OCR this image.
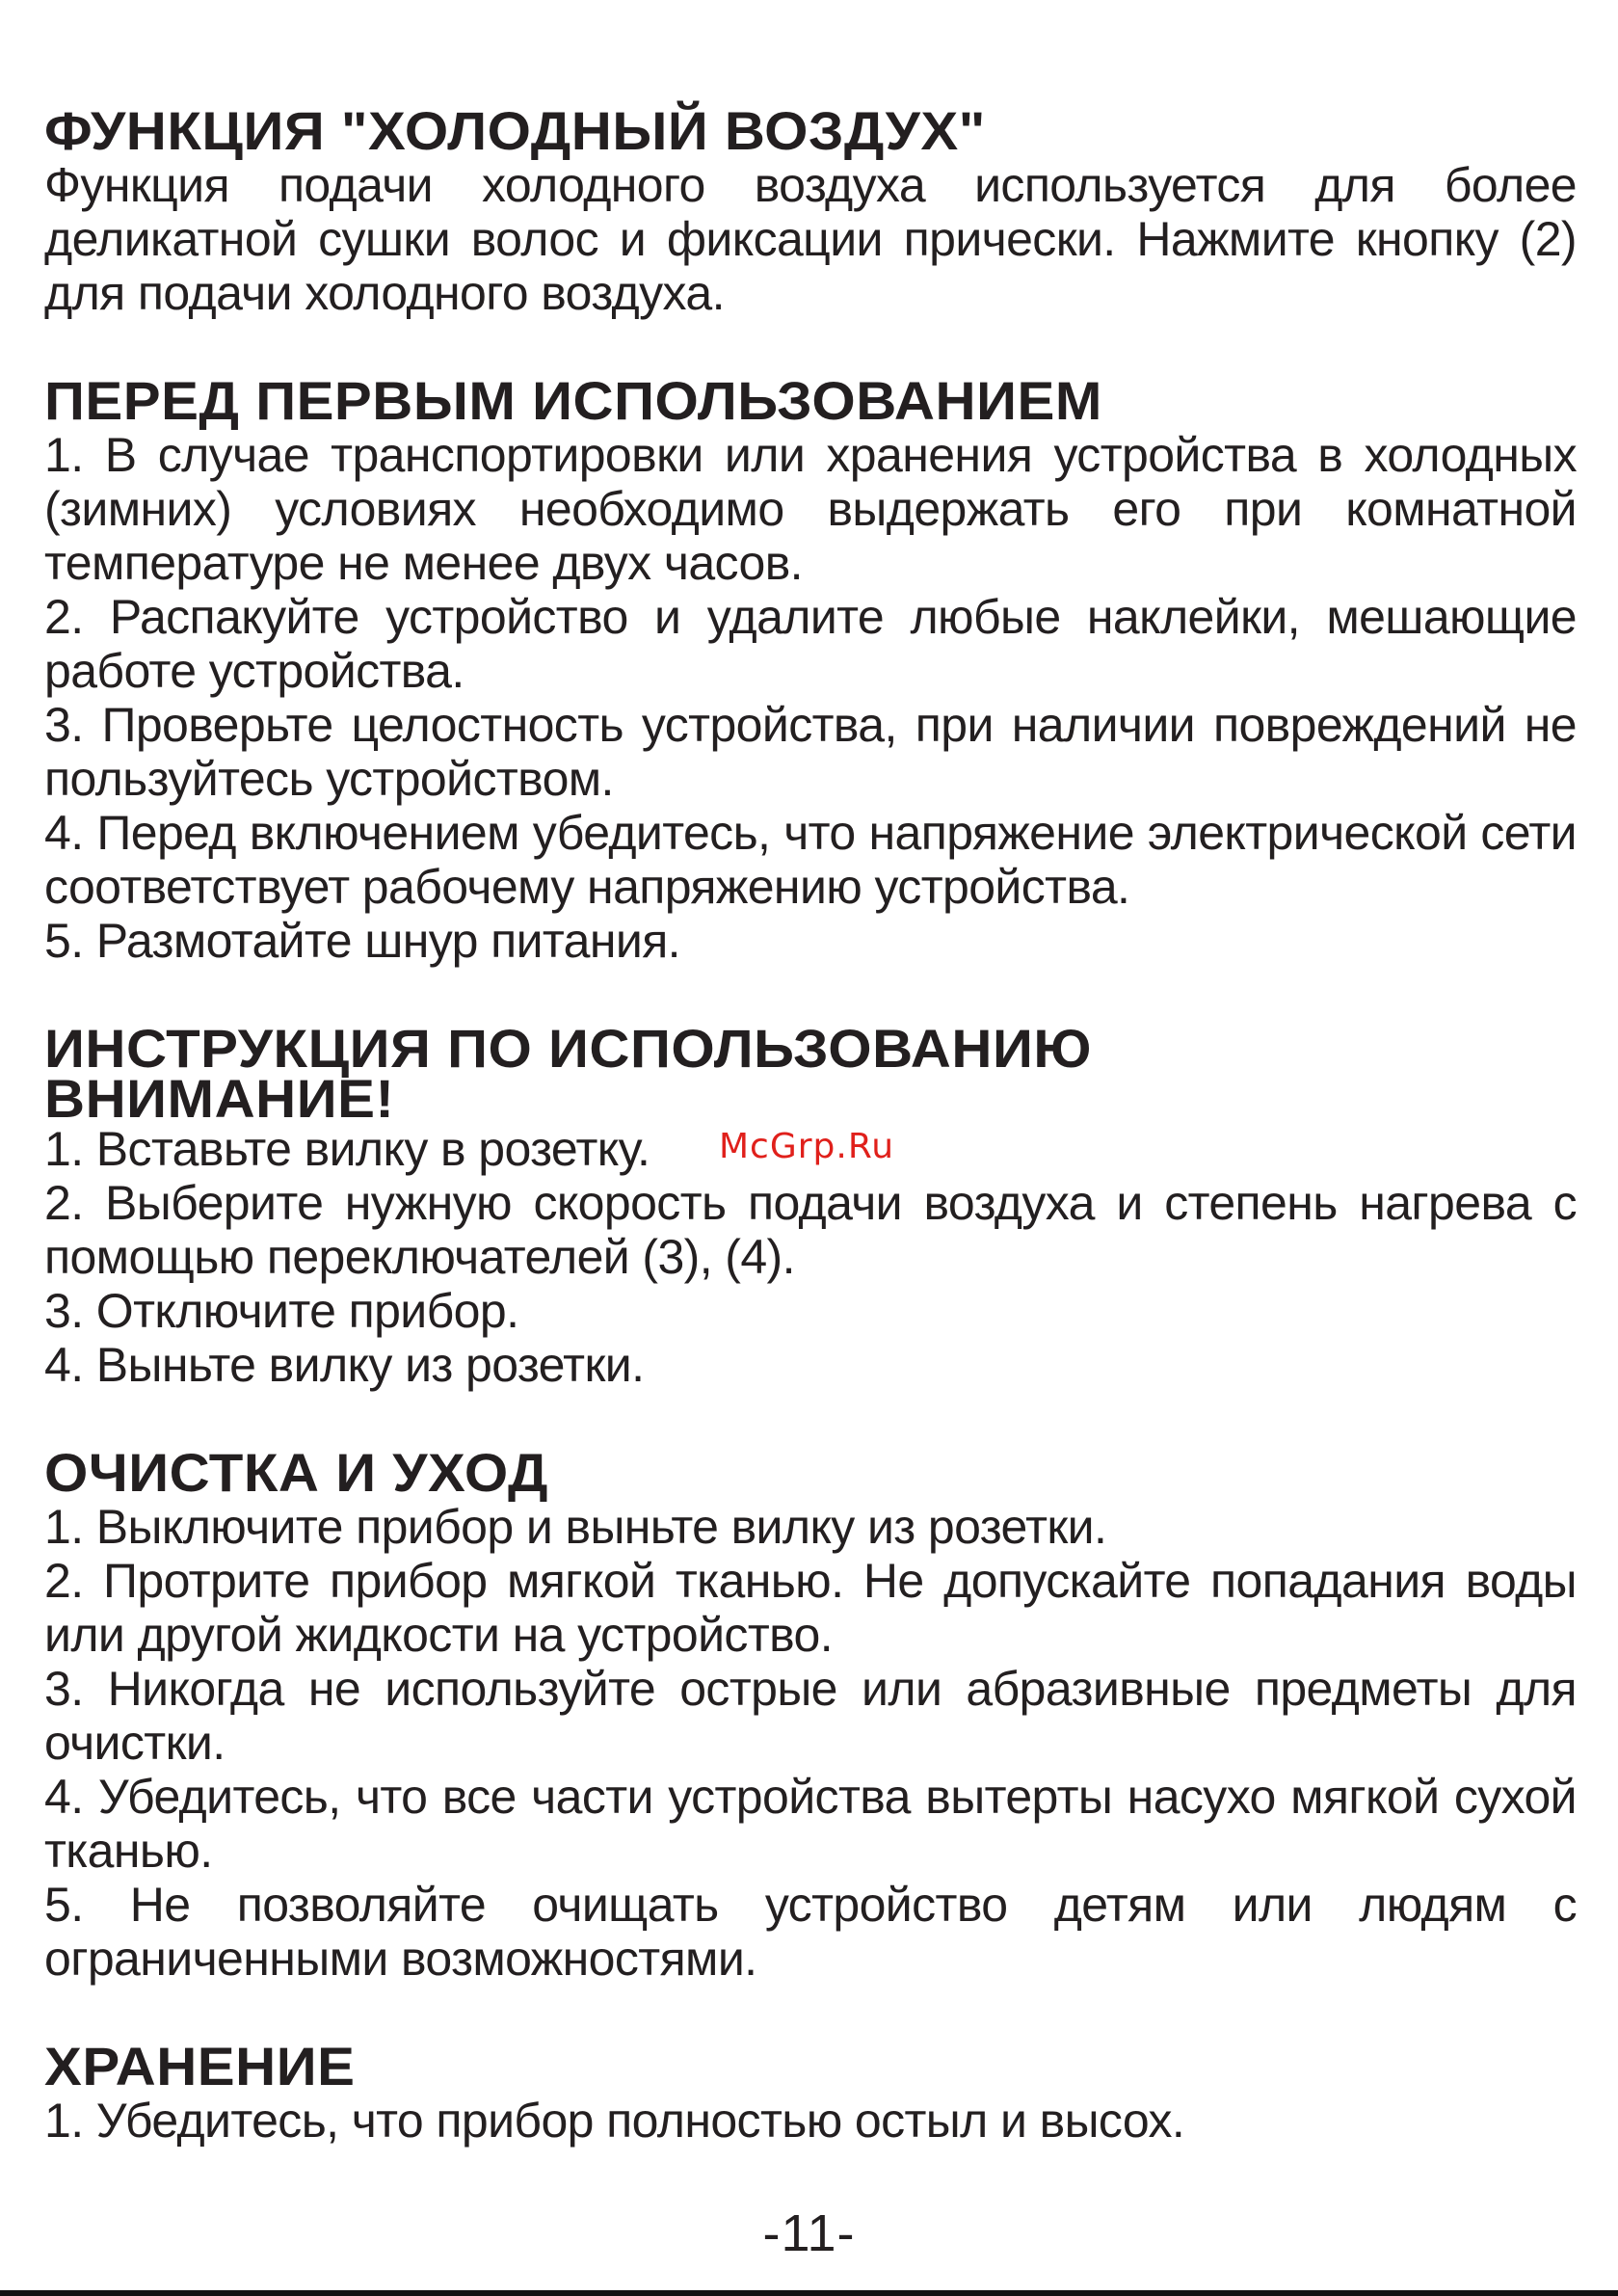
ФУНКЦИЯ "ХОЛОДНЫЙ ВОЗДУХ"

Функция подачи холодного воздуха используется для более деликатной сушки волос и фиксации прически. Нажмите кнопку (2) для подачи холодного воздуха.

ПЕРЕД ПЕРВЫМ ИСПОЛЬЗОВАНИЕМ

1. В случае транспортировки или хранения устройства в холодных (зимних) условиях необходимо выдержать его при комнатной температуре не менее двух часов.

2. Распакуйте устройство и удалите любые наклейки, мешающие работе устройства.

3. Проверьте целостность устройства, при наличии повреждений не пользуйтесь устройством.

4. Перед включением убедитесь, что напряжение электрической сети соответствует рабочему напряжению устройства.

5. Размотайте шнур питания.

ИНСТРУКЦИЯ ПО ИСПОЛЬЗОВАНИЮ
ВНИМАНИЕ!

1. Вставьте вилку в розетку.

2. Выберите нужную скорость подачи воздуха и степень нагрева с помощью переключателей (3), (4).

3. Отключите прибор.

4. Выньте вилку из розетки.

ОЧИСТКА И УХОД

1. Выключите прибор и выньте вилку из розетки.

2. Протрите прибор мягкой тканью. Не допускайте попадания воды или другой жидкости на устройство.

3. Никогда не используйте острые или абразивные предметы для очистки.

4. Убедитесь, что все части устройства вытерты насухо мягкой сухой тканью.

5. Не позволяйте очищать устройство детям или людям с ограниченными возможностями.

ХРАНЕНИЕ

1. Убедитесь, что прибор полностью остыл и высох.

McGrp.Ru
-11-
